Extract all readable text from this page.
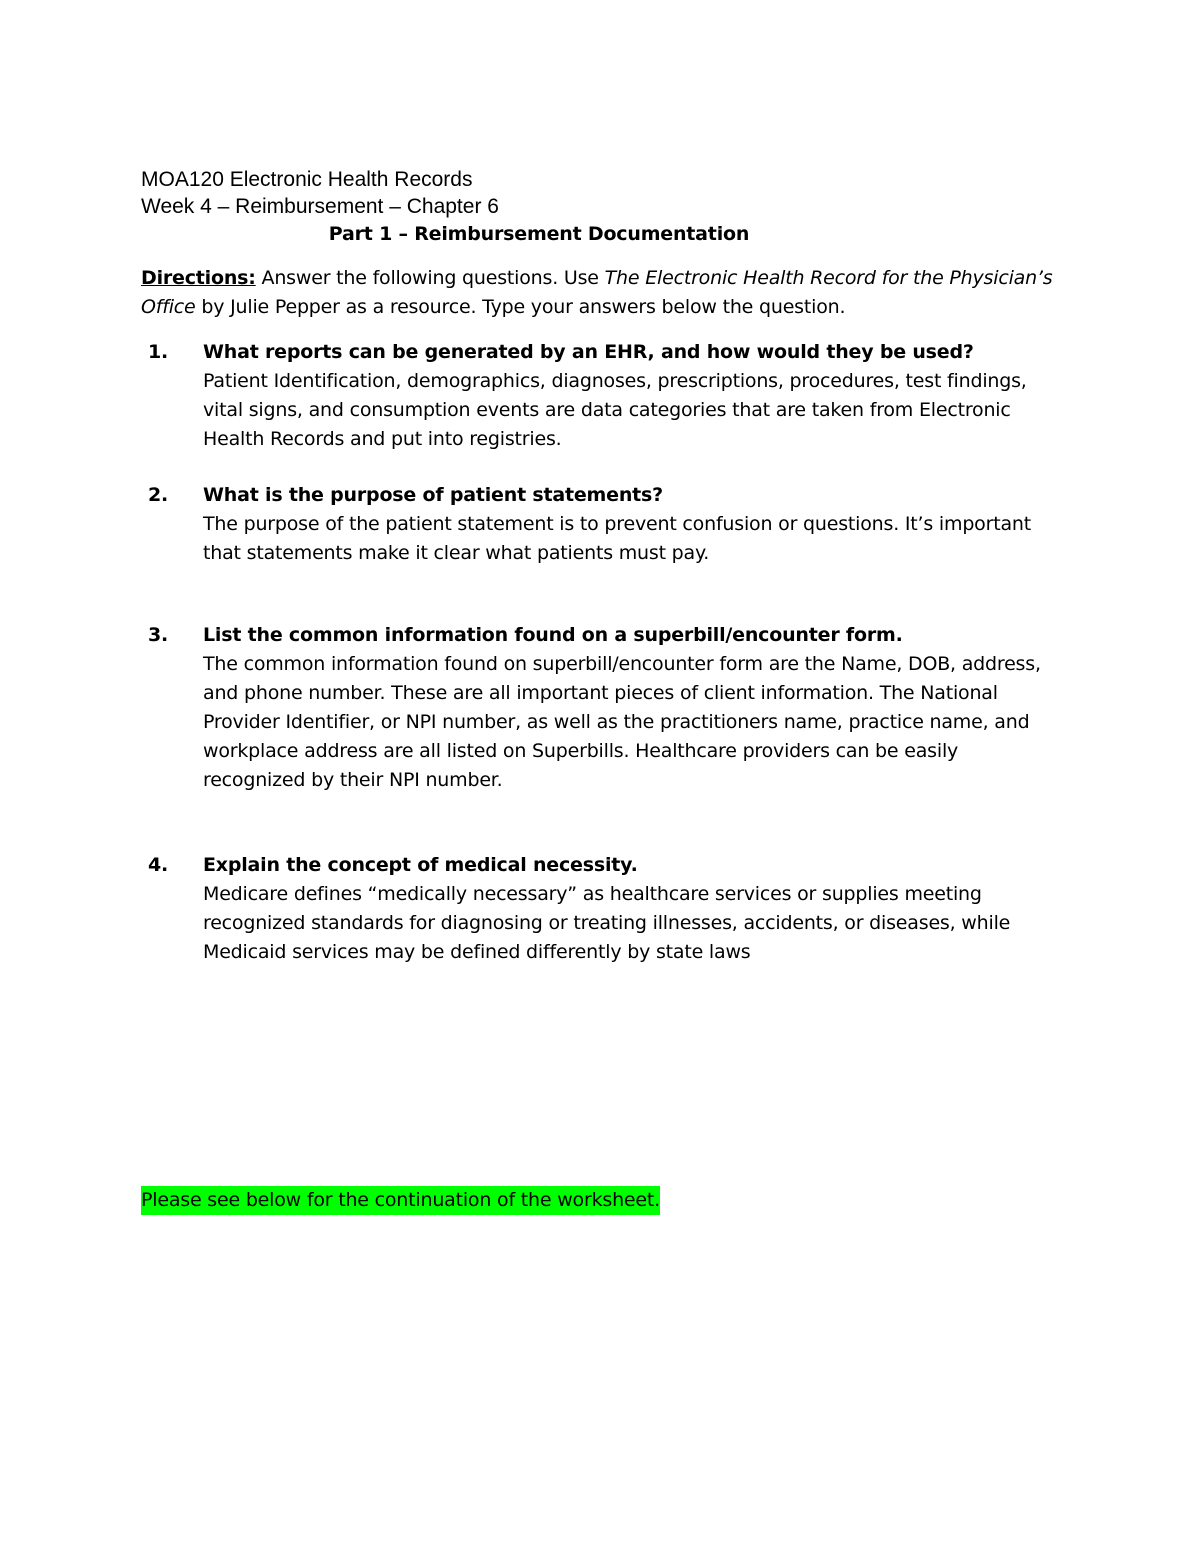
MOA120 Electronic Health Records
Week 4 – Reimbursement – Chapter 6
Part 1 – Reimbursement Documentation
Directions: Answer the following questions. Use The Electronic Health Record for the Physician’s Office by Julie Pepper as a resource. Type your answers below the question.
1. What reports can be generated by an EHR, and how would they be used?
Patient Identification, demographics, diagnoses, prescriptions, procedures, test findings, vital signs, and consumption events are data categories that are taken from Electronic Health Records and put into registries.
2. What is the purpose of patient statements?
The purpose of the patient statement is to prevent confusion or questions. It’s important that statements make it clear what patients must pay.
3. List the common information found on a superbill/encounter form.
The common information found on superbill/encounter form are the Name, DOB, address, and phone number. These are all important pieces of client information. The National Provider Identifier, or NPI number, as well as the practitioners name, practice name, and workplace address are all listed on Superbills. Healthcare providers can be easily recognized by their NPI number.
4. Explain the concept of medical necessity.
Medicare defines “medically necessary” as healthcare services or supplies meeting recognized standards for diagnosing or treating illnesses, accidents, or diseases, while Medicaid services may be defined differently by state laws
Please see below for the continuation of the worksheet.
